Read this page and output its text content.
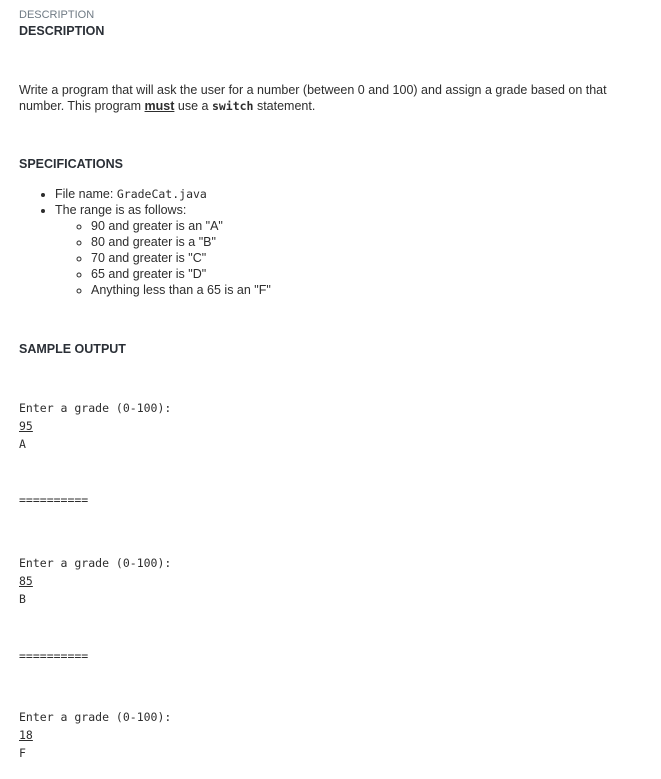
DESCRIPTION
DESCRIPTION
Write a program that will ask the user for a number (between 0 and 100) and assign a grade based on that number. This program must use a switch statement.
SPECIFICATIONS
• File name: GradeCat.java
• The range is as follows:
◦ 90 and greater is an "A"
◦ 80 and greater is a "B"
◦ 70 and greater is "C"
◦ 65 and greater is "D"
◦ Anything less than a 65 is an "F"
SAMPLE OUTPUT
Enter a grade (0-100):
95
A
==========
Enter a grade (0-100):
85
B
==========
Enter a grade (0-100):
18
F
